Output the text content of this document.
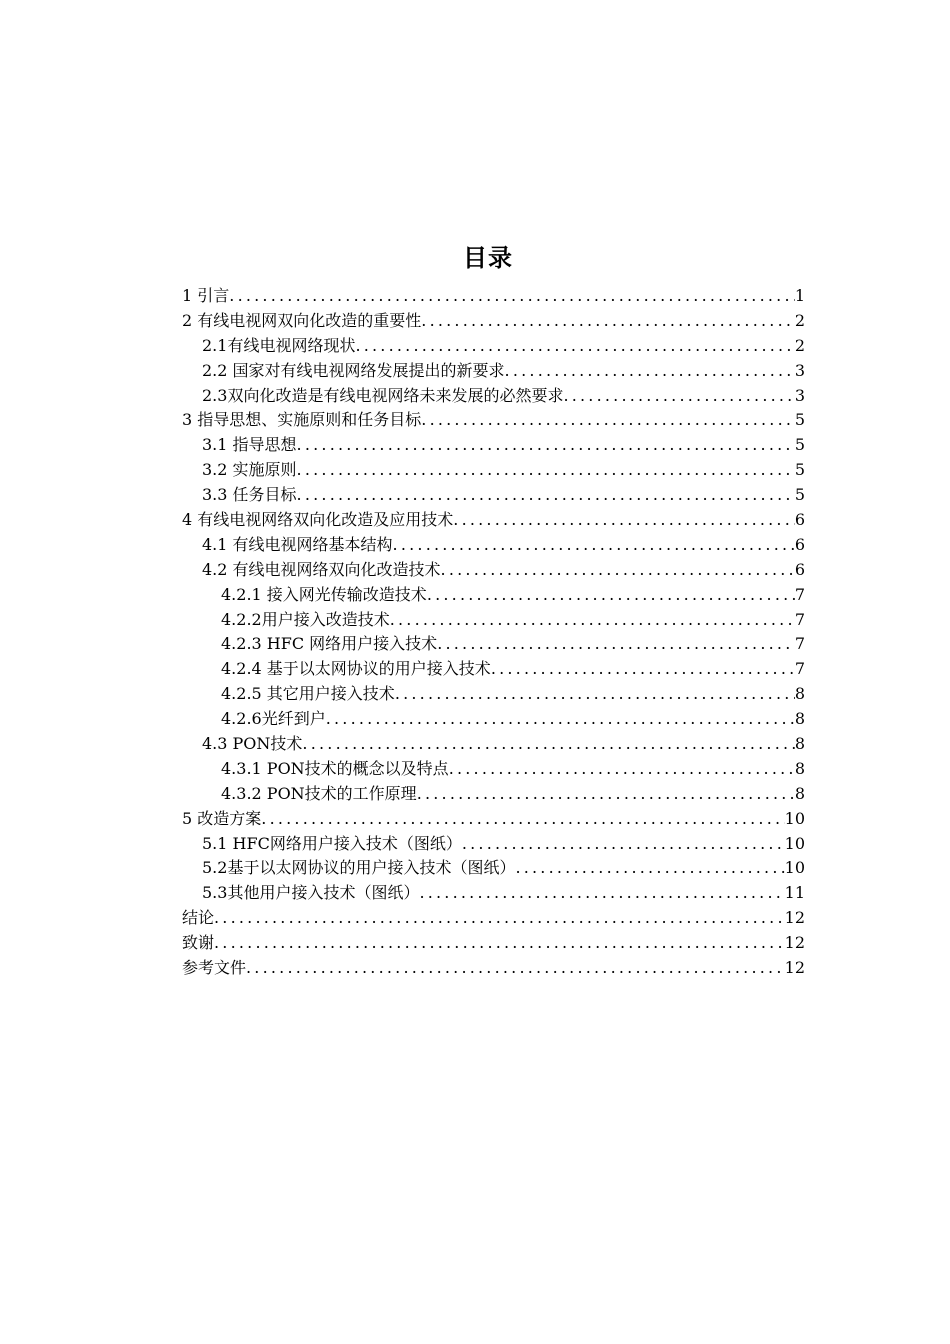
目录
1 引言 .....	1
2 有线电视网双向化改造的重要性 .....	2
2.1有线电视网络现状 .....	2
2.2 国家对有线电视网络发展提出的新要求 .....	3
2.3双向化改造是有线电视网络未来发展的必然要求 .....	3
3 指导思想、实施原则和任务目标 .....	5
3.1 指导思想 .....	5
3.2 实施原则 .....	5
3.3 任务目标 .....	5
4 有线电视网络双向化改造及应用技术 .....	6
4.1 有线电视网络基本结构 .....	6
4.2 有线电视网络双向化改造技术 .....	6
4.2.1 接入网光传输改造技术 .....	7
4.2.2用户接入改造技术 .....	7
4.2.3 HFC 网络用户接入技术 .....	7
4.2.4 基于以太网协议的用户接入技术 .....	7
4.2.5 其它用户接入技术 .....	8
4.2.6光纤到户 .....	8
4.3 PON技术 .....	8
4.3.1 PON技术的概念以及特点 .....	8
4.3.2 PON技术的工作原理 .....	8
5 改造方案 .....	10
5.1 HFC网络用户接入技术（图纸） .....	10
5.2基于以太网协议的用户接入技术（图纸） .....	10
5.3其他用户接入技术（图纸） .....	11
结论 .....	12
致谢 .....	12
参考文件 .....	12
